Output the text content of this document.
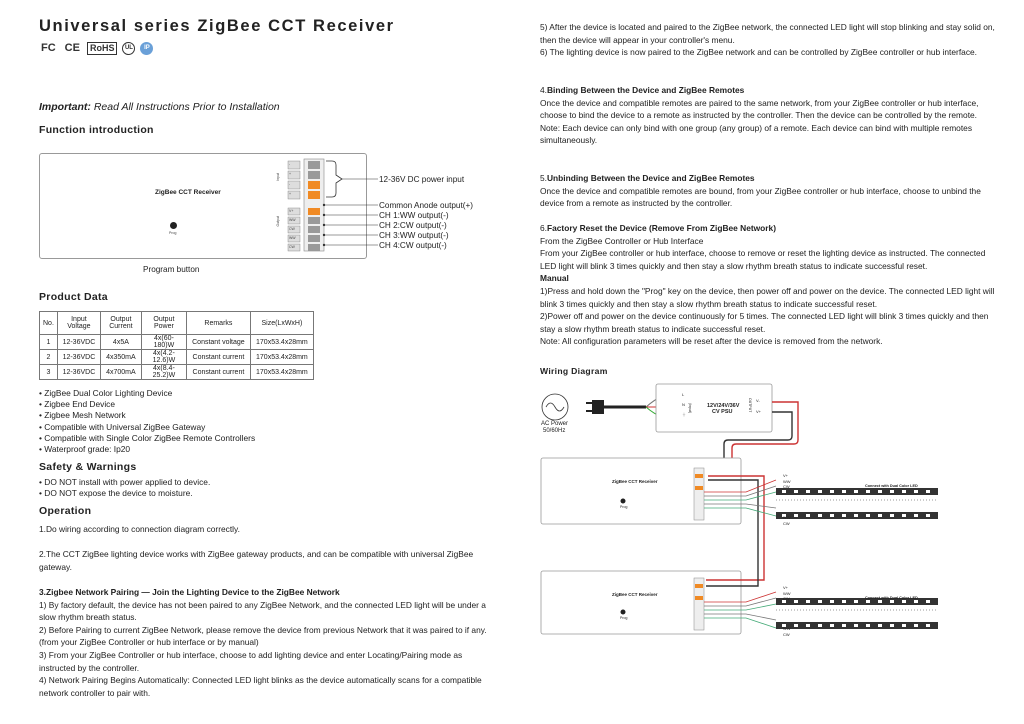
Universal series ZigBee CCT Receiver
FC CE	RoHS	UL	IP
Important: Read All Instructions Prior to Installation
Function introduction
ZigBee CCT Receiver
Prog
Input
Output
-
+
-
+
V+
WW
CW
WW
CW
12-36V DC power input
Common Anode output(+)
CH 1:WW output(-)
CH 2:CW output(-)
CH 3:WW output(-)
CH 4:CW output(-)
Program button
Product Data
No.	Input Voltage	Output Current	Output Power	Remarks	Size(LxWxH)
1	12-36VDC	4x5A	4x(60-180)W	Constant voltage	170x53.4x28mm
2	12-36VDC	4x350mA	4x(4.2-12.6)W	Constant current	170x53.4x28mm
3	12-36VDC	4x700mA	4x(8.4-25.2)W	Constant current	170x53.4x28mm
• ZigBee Dual Color Lighting Device
• Zigbee End Device
• Zigbee Mesh Network
• Compatible with Universal ZigBee Gateway
• Compatible with Single Color ZigBee Remote Controllers
• Waterproof grade: Ip20
Safety & Warnings
• DO NOT install with power applied to device.
• DO NOT expose the device to moisture.
Operation
1.Do wiring according to connection diagram correctly.
2.The CCT ZigBee lighting device works with ZigBee gateway products, and can be compatible with universal ZigBee gateway.
3.Zigbee Network Pairing — Join the Lighting Device to the ZigBee Network
1) By factory default, the device has not been paired to any ZigBee Network, and the connected LED light will be under a slow rhythm breath status.
2) Before Pairing to current ZigBee Network, please remove the device from previous Network that it was paired to if any. (from your ZigBee Controller or hub interface or by manual)
3) From your ZigBee Controller or hub interface, choose to add lighting device and enter Locating/Pairing mode as instructed by the controller.
4) Network Pairing Begins Automatically: Connected LED light blinks as the device automatically scans for a compatible network controller to pair with.
5) After the device is located and paired to the ZigBee network, the connected LED light will stop blinking and stay solid on, then the device will appear in your controller's menu.
6) The lighting device is now paired to the ZigBee network and can be controlled by ZigBee controller or hub interface.
4.Binding Between the Device and ZigBee Remotes
Once the device and compatible remotes are paired to the same network, from your ZigBee controller or hub interface, choose to bind the device to a remote as instructed by the controller. Then the device can be controlled by the remote.
Note: Each device can only bind with one group (any group) of a remote. Each device can bind with multiple remotes simultaneously.
5.Unbinding Between the Device and ZigBee Remotes
Once the device and compatible remotes are bound, from your ZigBee controller or hub interface, choose to unbind the device from a remote as instructed by the controller.
6.Factory Reset the Device (Remove From ZigBee Network)
From the ZigBee Controller or Hub Interface
From your ZigBee controller or hub interface, choose to remove or reset the lighting device as instructed. The connected LED light will blink 3 times quickly and then stay a slow rhythm breath status to indicate successful reset.
Manual
1)Press and hold down the "Prog" key on the device, then power off and power on the device. The connected LED light will blink 3 times quickly and then stay a slow rhythm breath status to indicate successful reset.
2)Power off and power on the device continuously for 5 times. The connected LED light will blink 3 times quickly and then stay a slow rhythm breath status to indicate successful reset.
Note: All configuration parameters will be reset after the device is removed from the network.
Wiring Diagram
AC Power
50/60Hz
12V/24V/36V
CV PSU
(Input)	OUTPUT
L
N
⏚
V-
V+
ZigBee CCT Receiver
Prog
ZigBee CCT Receiver
Prog
Connect with Dual Color LED
Connect with Dual Color LED
V+
WW
CW
WW
CW
V+
WW
CW
WW
CW
